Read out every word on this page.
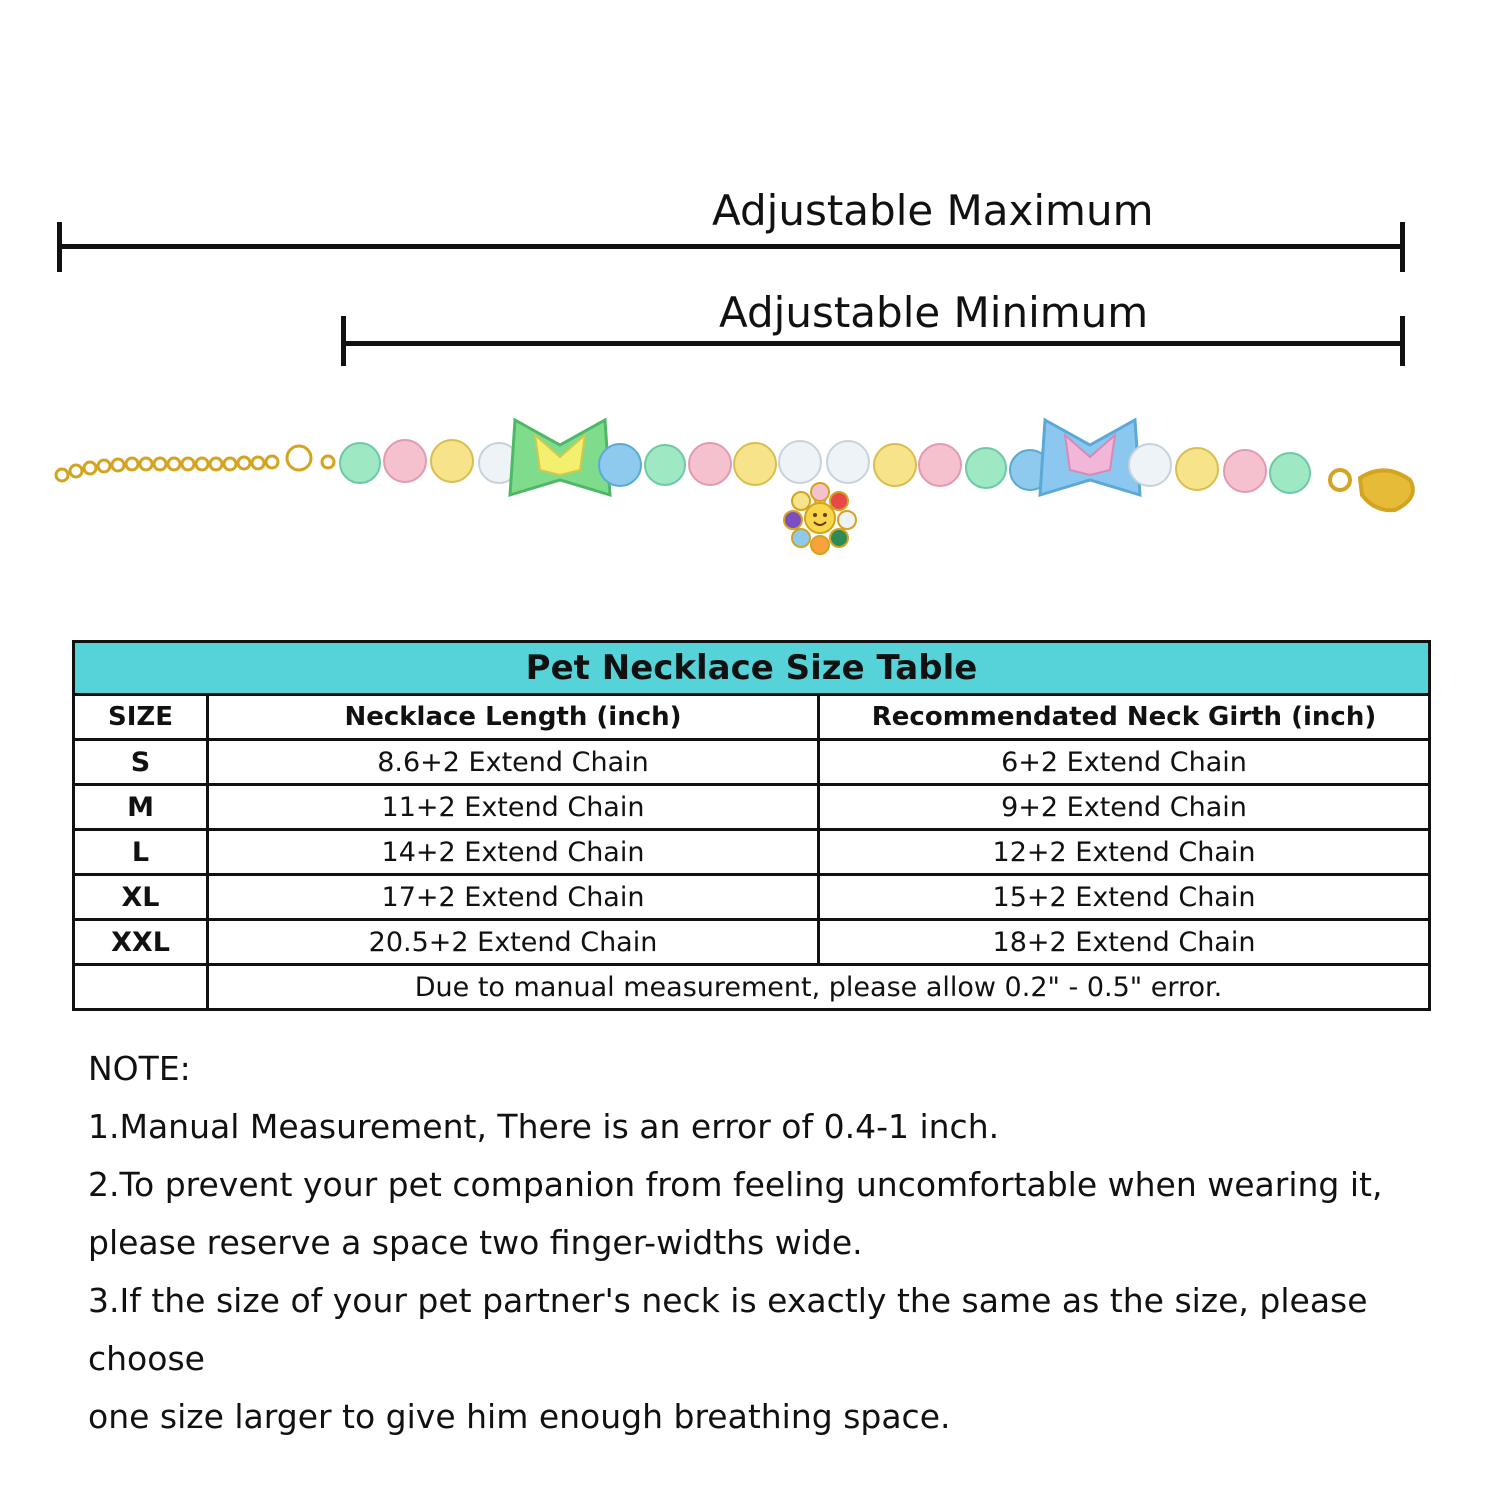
Adjustable Maximum
Adjustable Minimum
Pet Necklace Size Table		
SIZE	Necklace Length (inch)	Recommendated Neck Girth (inch)
S	8.6+2 Extend Chain	6+2 Extend Chain
M	11+2 Extend Chain	9+2 Extend Chain
L	14+2 Extend Chain	12+2 Extend Chain
XL	17+2 Extend Chain	15+2 Extend Chain
XXL	20.5+2 Extend Chain	18+2 Extend Chain
	Due to manual measurement, please allow 0.2" - 0.5" error.	

NOTE:

1.Manual Measurement, There is an error of 0.4-1 inch.

2.To prevent your pet companion from feeling uncomfortable when wearing it,

please reserve a space two finger-widths wide.

3.If the size of your pet partner's neck is exactly the same as the size, please choose

one size larger to give him enough breathing space.
